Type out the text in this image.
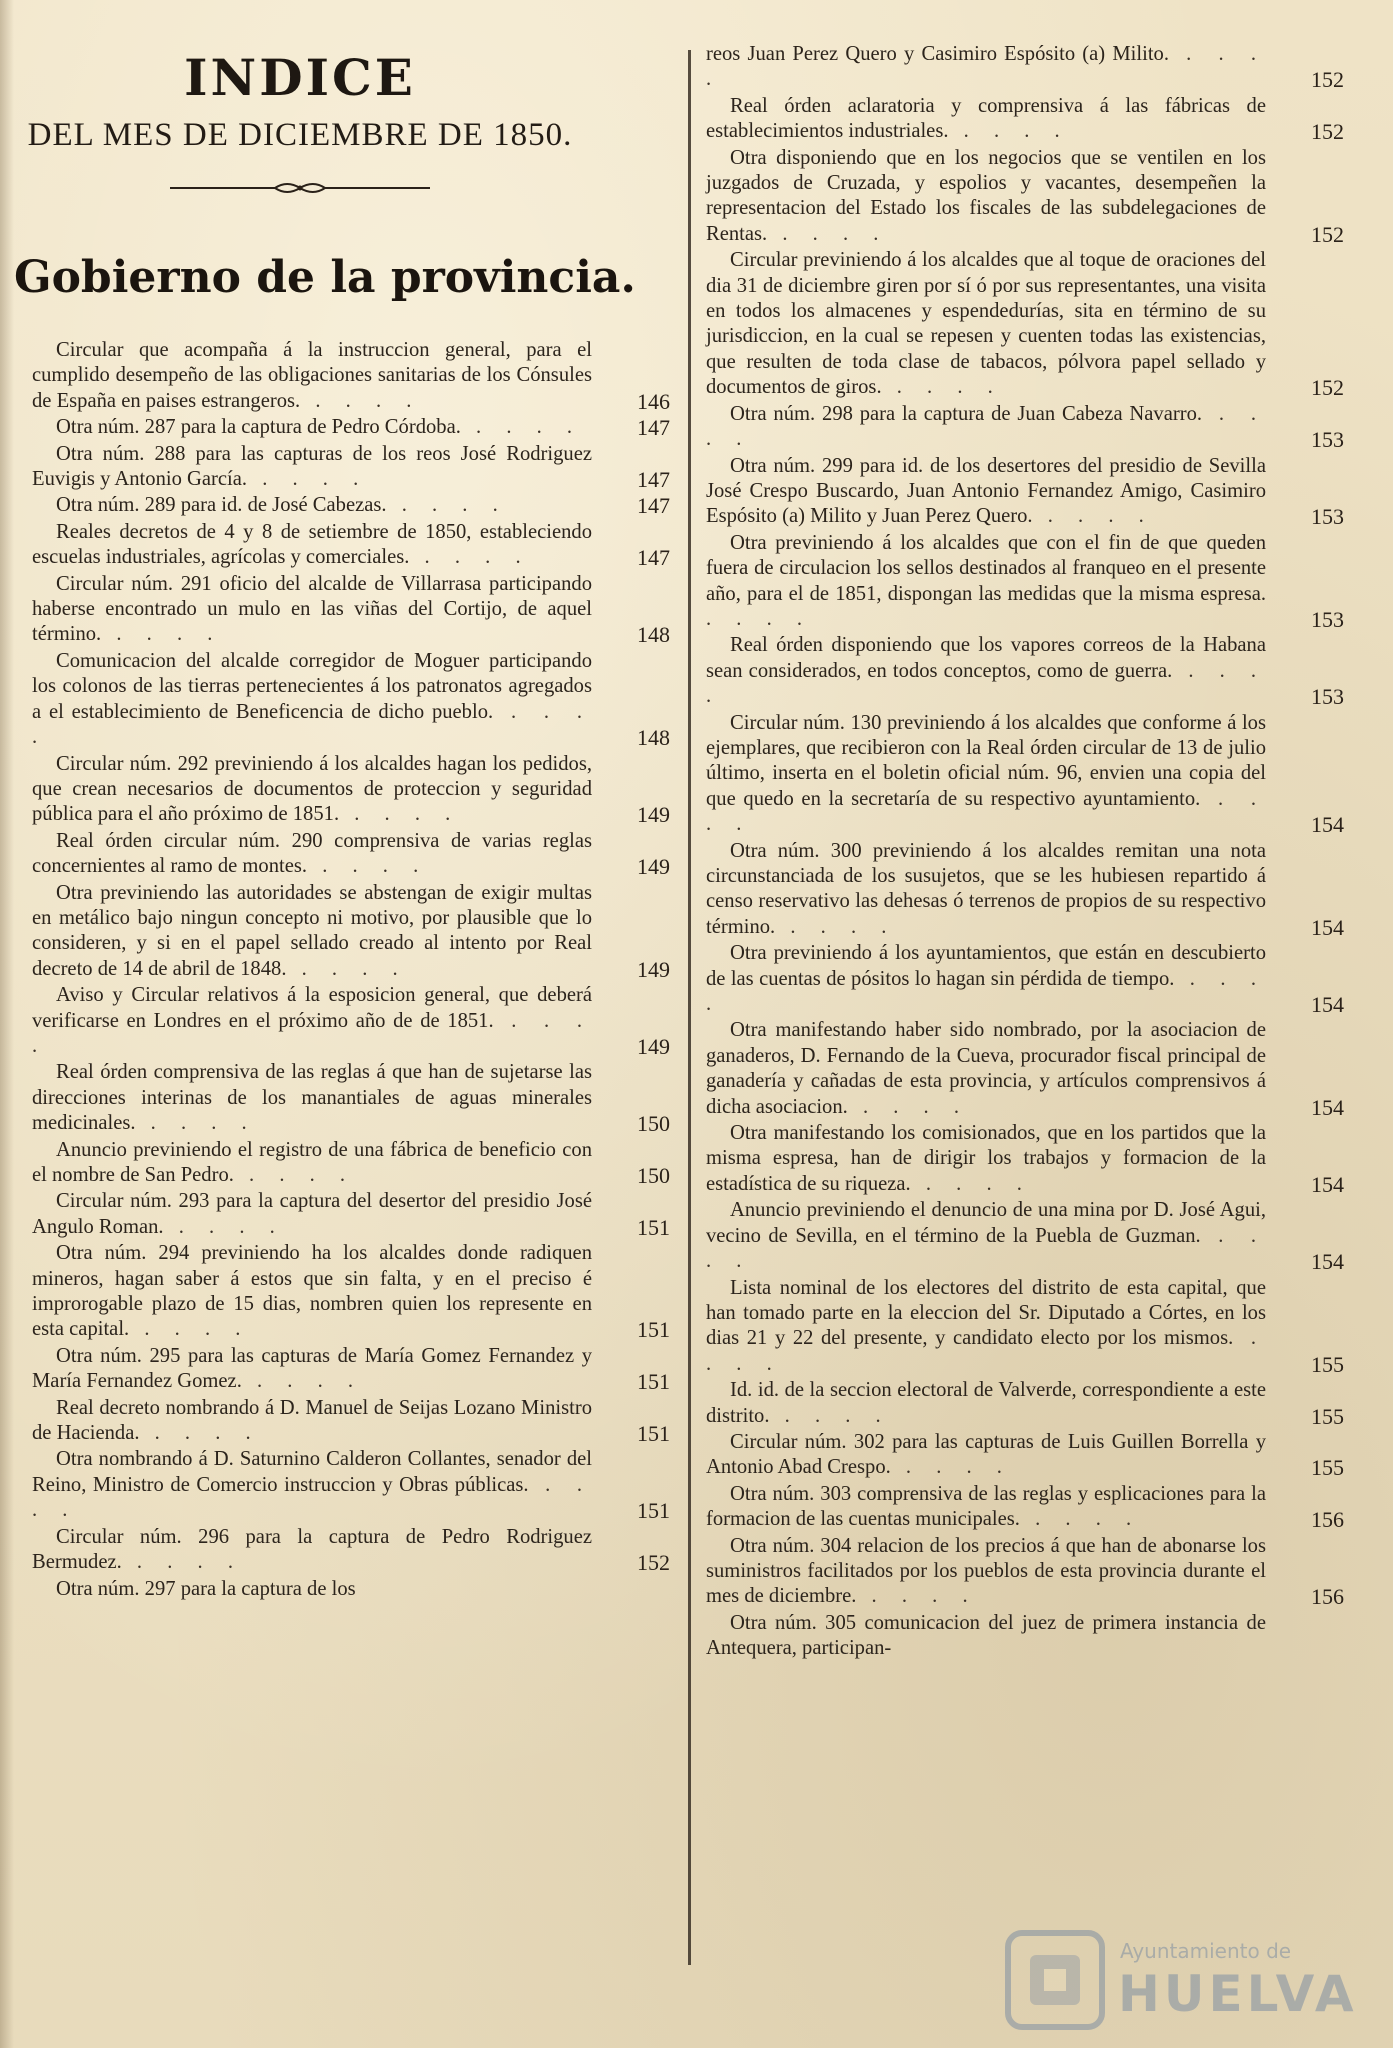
INDICE

DEL MES DE DICIEMBRE DE 1850.

Gobierno de la provincia.
Circular que acompaña á la instruccion general, para el cumplido desempeño de las obligaciones sanitarias de los Cónsules de España en paises estrangeros. . . . .	146
Otra núm. 287 para la captura de Pedro Córdoba. . . . .	147
Otra núm. 288 para las capturas de los reos José Rodriguez Euvigis y Antonio García. . . . .	147
Otra núm. 289 para id. de José Cabezas. . . . .	147
Reales decretos de 4 y 8 de setiembre de 1850, estableciendo escuelas industriales, agrícolas y comerciales. . . . .	147
Circular núm. 291 oficio del alcalde de Villarrasa participando haberse encontrado un mulo en las viñas del Cortijo, de aquel término. . . . .	148
Comunicacion del alcalde corregidor de Moguer participando los colonos de las tierras pertenecientes á los patronatos agregados a el establecimiento de Beneficencia de dicho pueblo. . . . .	148
Circular núm. 292 previniendo á los alcaldes hagan los pedidos, que crean necesarios de documentos de proteccion y seguridad pública para el año próximo de 1851. . . . .	149
Real órden circular núm. 290 comprensiva de varias reglas concernientes al ramo de montes. . . . .	149
Otra previniendo las autoridades se abstengan de exigir multas en metálico bajo ningun concepto ni motivo, por plausible que lo consideren, y si en el papel sellado creado al intento por Real decreto de 14 de abril de 1848. . . . .	149
Aviso y Circular relativos á la esposicion general, que deberá verificarse en Londres en el próximo año de de 1851. . . . .	149
Real órden comprensiva de las reglas á que han de sujetarse las direcciones interinas de los manantiales de aguas minerales medicinales. . . . .	150
Anuncio previniendo el registro de una fábrica de beneficio con el nombre de San Pedro. . . . .	150
Circular núm. 293 para la captura del desertor del presidio José Angulo Roman. . . . .	151
Otra núm. 294 previniendo ha los alcaldes donde radiquen mineros, hagan saber á estos que sin falta, y en el preciso é improrogable plazo de 15 dias, nombren quien los represente en esta capital. . . . .	151
Otra núm. 295 para las capturas de María Gomez Fernandez y María Fernandez Gomez. . . . .	151
Real decreto nombrando á D. Manuel de Seijas Lozano Ministro de Hacienda. . . . .	151
Otra nombrando á D. Saturnino Calderon Collantes, senador del Reino, Ministro de Comercio instruccion y Obras públicas. . . . .	151
Circular núm. 296 para la captura de Pedro Rodriguez Bermudez. . . . .	152
Otra núm. 297 para la captura de los
reos Juan Perez Quero y Casimiro Espósito (a) Milito. . . . .	152
Real órden aclaratoria y comprensiva á las fábricas de establecimientos industriales. . . . .	152
Otra disponiendo que en los negocios que se ventilen en los juzgados de Cruzada, y espolios y vacantes, desempeñen la representacion del Estado los fiscales de las subdelegaciones de Rentas. . . . .	152
Circular previniendo á los alcaldes que al toque de oraciones del dia 31 de diciembre giren por sí ó por sus representantes, una visita en todos los almacenes y espendedurías, sita en término de su jurisdiccion, en la cual se repesen y cuenten todas las existencias, que resulten de toda clase de tabacos, pólvora papel sellado y documentos de giros. . . . .	152
Otra núm. 298 para la captura de Juan Cabeza Navarro. . . . .	153
Otra núm. 299 para id. de los desertores del presidio de Sevilla José Crespo Buscardo, Juan Antonio Fernandez Amigo, Casimiro Espósito (a) Milito y Juan Perez Quero. . . . .	153
Otra previniendo á los alcaldes que con el fin de que queden fuera de circulacion los sellos destinados al franqueo en el presente año, para el de 1851, dispongan las medidas que la misma espresa. . . . .	153
Real órden disponiendo que los vapores correos de la Habana sean considerados, en todos conceptos, como de guerra. . . . .	153
Circular núm. 130 previniendo á los alcaldes que conforme á los ejemplares, que recibieron con la Real órden circular de 13 de julio último, inserta en el boletin oficial núm. 96, envien una copia del que quedo en la secretaría de su respectivo ayuntamiento. . . . .	154
Otra núm. 300 previniendo á los alcaldes remitan una nota circunstanciada de los susujetos, que se les hubiesen repartido á censo reservativo las dehesas ó terrenos de propios de su respectivo término. . . . .	154
Otra previniendo á los ayuntamientos, que están en descubierto de las cuentas de pósitos lo hagan sin pérdida de tiempo. . . . .	154
Otra manifestando haber sido nombrado, por la asociacion de ganaderos, D. Fernando de la Cueva, procurador fiscal principal de ganadería y cañadas de esta provincia, y artículos comprensivos á dicha asociacion. . . . .	154
Otra manifestando los comisionados, que en los partidos que la misma espresa, han de dirigir los trabajos y formacion de la estadística de su riqueza. . . . .	154
Anuncio previniendo el denuncio de una mina por D. José Agui, vecino de Sevilla, en el término de la Puebla de Guzman. . . . .	154
Lista nominal de los electores del distrito de esta capital, que han tomado parte en la eleccion del Sr. Diputado a Córtes, en los dias 21 y 22 del presente, y candidato electo por los mismos. . . . .	155
Id. id. de la seccion electoral de Valverde, correspondiente a este distrito. . . . .	155
Circular núm. 302 para las capturas de Luis Guillen Borrella y Antonio Abad Crespo. . . . .	155
Otra núm. 303 comprensiva de las reglas y esplicaciones para la formacion de las cuentas municipales. . . . .	156
Otra núm. 304 relacion de los precios á que han de abonarse los suministros facilitados por los pueblos de esta provincia durante el mes de diciembre. . . . .	156
Otra núm. 305 comunicacion del juez de primera instancia de Antequera, participan-
Ayuntamiento de
HUELVA
